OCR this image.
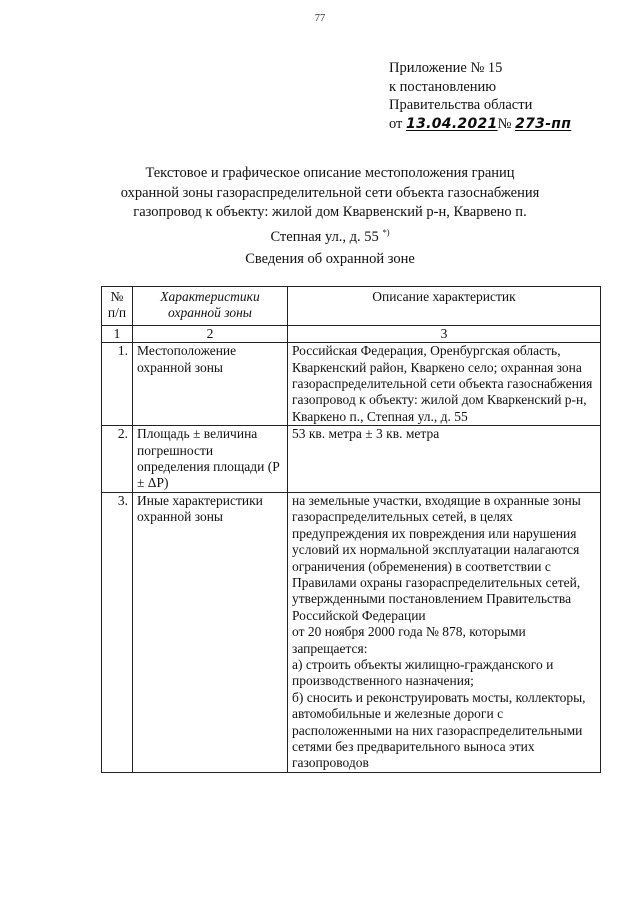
77
Приложение № 15
к постановлению
Правительства области
от 13.04.2021№ 273-пп
Текстовое и графическое описание местоположения границ
охранной зоны газораспределительной сети объекта газоснабжения
газопровод к объекту: жилой дом Кварвенский р-н, Кварвено п.
Степная ул., д. 55 *)
Сведения об охранной зоне
№ п/п	Характеристики охранной зоны	Описание характеристик
1	2	3
1.	Местоположение охранной зоны	Российская Федерация, Оренбургская область, Кваркенский район, Кваркено село; охранная зона газораспределительной сети объекта газоснабжения газопровод к объекту: жилой дом Кваркенский р-н, Кваркено п., Степная ул., д. 55
2.	Площадь ± величина погрешности определения площади (P ± ΔP)	53 кв. метра ± 3 кв. метра
3.	Иные характеристики охранной зоны	на земельные участки, входящие в охранные зоны газораспределительных сетей, в целях предупреждения их повреждения или нарушения условий их нормальной эксплуатации налагаются ограничения (обременения) в соответствии с Правилами охраны газораспределительных сетей, утвержденными постановлением Правительства Российской Федерации
от 20 ноября 2000 года № 878, которыми запрещается:
а) строить объекты жилищно-гражданского и производственного назначения;
б) сносить и реконструировать мосты, коллекторы, автомобильные и железные дороги с расположенными на них газораспределительными сетями без предварительного выноса этих газопроводов
